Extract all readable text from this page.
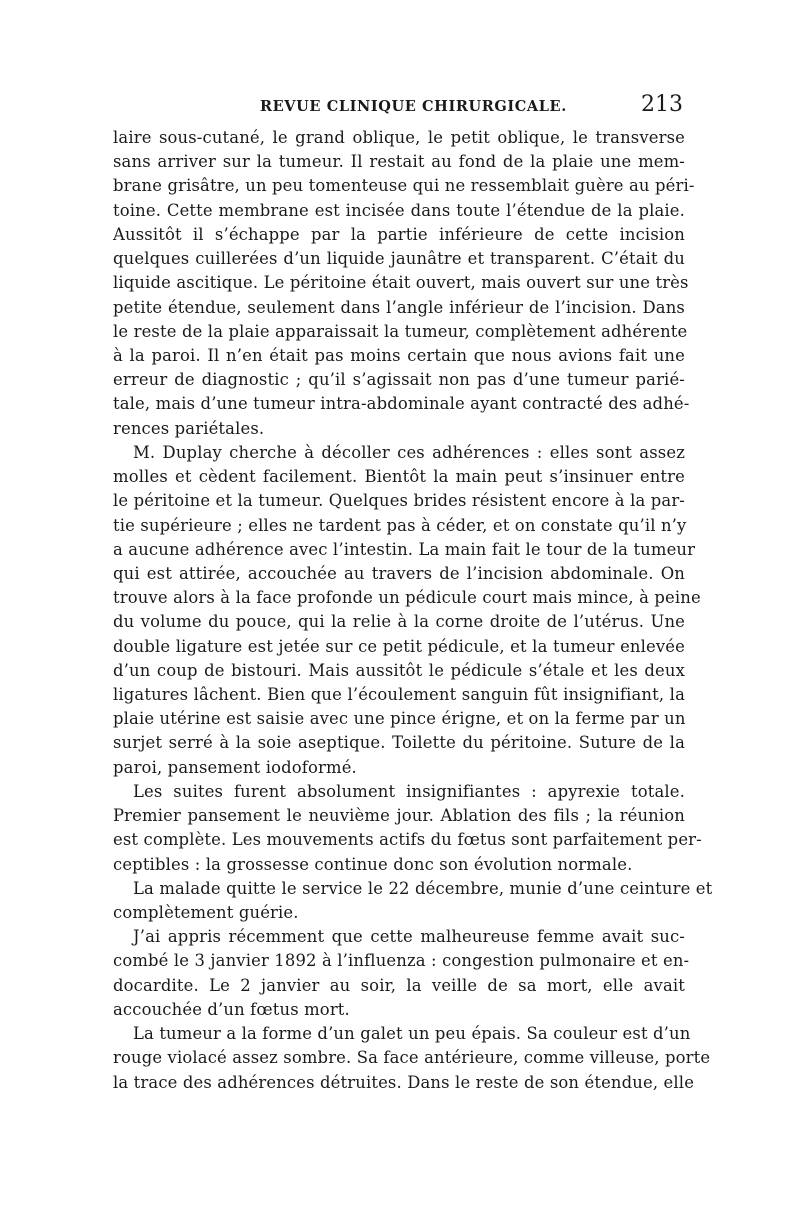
REVUE CLINIQUE CHIRURGICALE.	213
laire sous-cutané, le grand oblique, le petit oblique, le transverse
sans arriver sur la tumeur. Il restait au fond de la plaie une mem-
brane grisâtre, un peu tomenteuse qui ne ressemblait guère au péri-
toine. Cette membrane est incisée dans toute l’étendue de la plaie.
Aussitôt il s’échappe par la partie inférieure de cette incision
quelques cuillerées d’un liquide jaunâtre et transparent. C’était du
liquide ascitique. Le péritoine était ouvert, mais ouvert sur une très
petite étendue, seulement dans l’angle inférieur de l’incision. Dans
le reste de la plaie apparaissait la tumeur, complètement adhérente
à la paroi. Il n’en était pas moins certain que nous avions fait une
erreur de diagnostic ; qu’il s’agissait non pas d’une tumeur parié-
tale, mais d’une tumeur intra-abdominale ayant contracté des adhé-
rences pariétales.
M. Duplay cherche à décoller ces adhérences : elles sont assez
molles et cèdent facilement. Bientôt la main peut s’insinuer entre
le péritoine et la tumeur. Quelques brides résistent encore à la par-
tie supérieure ; elles ne tardent pas à céder, et on constate qu’il n’y
a aucune adhérence avec l’intestin. La main fait le tour de la tumeur
qui est attirée, accouchée au travers de l’incision abdominale. On
trouve alors à la face profonde un pédicule court mais mince, à peine
du volume du pouce, qui la relie à la corne droite de l’utérus. Une
double ligature est jetée sur ce petit pédicule, et la tumeur enlevée
d’un coup de bistouri. Mais aussitôt le pédicule s’étale et les deux
ligatures lâchent. Bien que l’écoulement sanguin fût insignifiant, la
plaie utérine est saisie avec une pince érigne, et on la ferme par un
surjet serré à la soie aseptique. Toilette du péritoine. Suture de la
paroi, pansement iodoformé.
Les suites furent absolument insignifiantes : apyrexie totale.
Premier pansement le neuvième jour. Ablation des fils ; la réunion
est complète. Les mouvements actifs du fœtus sont parfaitement per-
ceptibles : la grossesse continue donc son évolution normale.
La malade quitte le service le 22 décembre, munie d’une ceinture et
complètement guérie.
J’ai appris récemment que cette malheureuse femme avait suc-
combé le 3 janvier 1892 à l’influenza : congestion pulmonaire et en-
docardite. Le 2 janvier au soir, la veille de sa mort, elle avait
accouchée d’un fœtus mort.
La tumeur a la forme d’un galet un peu épais. Sa couleur est d’un
rouge violacé assez sombre. Sa face antérieure, comme villeuse, porte
la trace des adhérences détruites. Dans le reste de son étendue, elle
